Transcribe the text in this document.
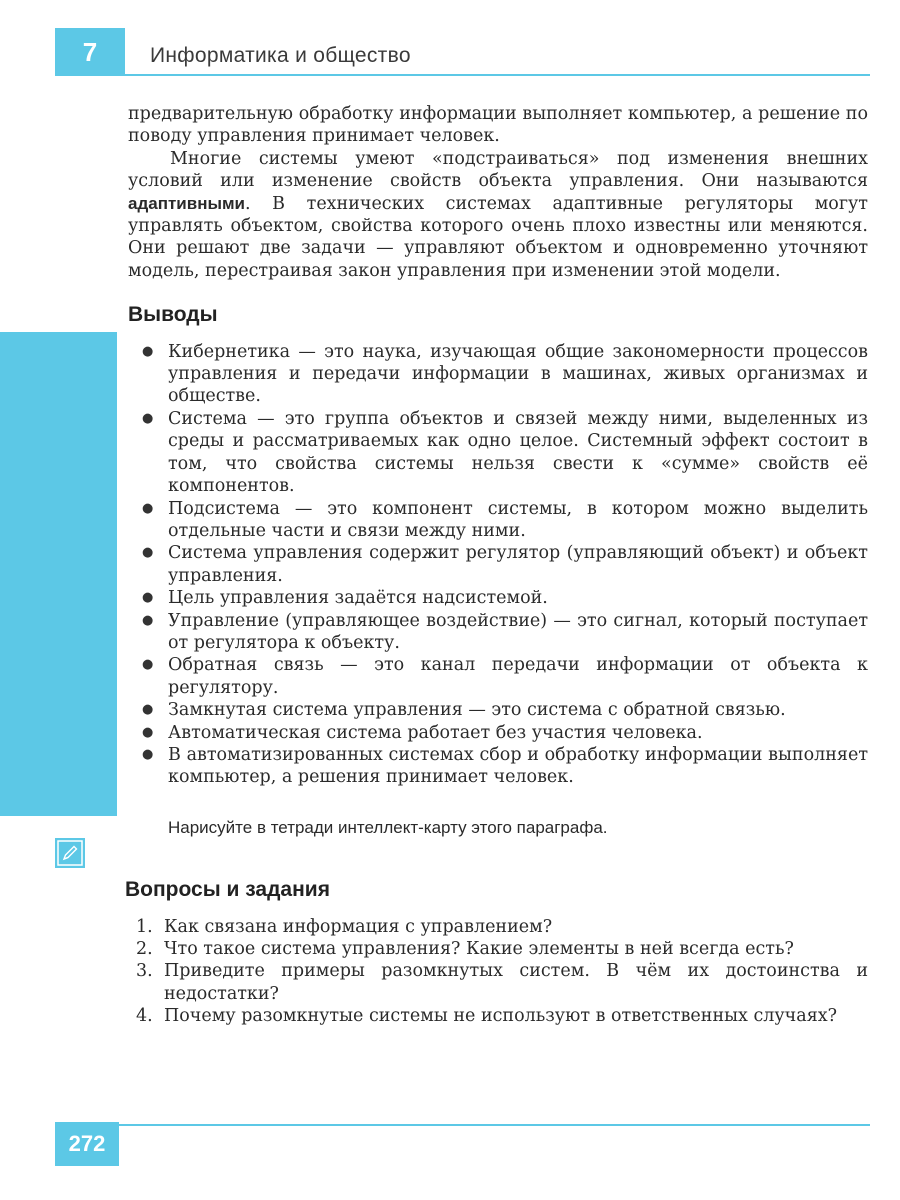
7	Информатика и общество

предварительную обработку информации выполняет компьютер, а решение по поводу управления принимает человек.

Многие системы умеют «подстраиваться» под изменения внешних условий или изменение свойств объекта управления. Они называются адаптивными. В технических системах адаптивные регуляторы могут управлять объектом, свойства которого очень плохо известны или меняются. Они решают две задачи — управляют объектом и одновременно уточняют модель, перестраивая закон управления при изменении этой модели.

Выводы
● Кибернетика — это наука, изучающая общие закономерности процессов управления и передачи информации в машинах, живых организмах и обществе.
● Система — это группа объектов и связей между ними, выделенных из среды и рассматриваемых как одно целое. Системный эффект состоит в том, что свойства системы нельзя свести к «сумме» свойств её компонентов.
● Подсистема — это компонент системы, в котором можно выделить отдельные части и связи между ними.
● Система управления содержит регулятор (управляющий объект) и объект управления.
● Цель управления задаётся надсистемой.
● Управление (управляющее воздействие) — это сигнал, который поступает от регулятора к объекту.
● Обратная связь — это канал передачи информации от объекта к регулятору.
● Замкнутая система управления — это система с обратной связью.
● Автоматическая система работает без участия человека.
● В автоматизированных системах сбор и обработку информации выполняет компьютер, а решения принимает человек.
Нарисуйте в тетради интеллект-карту этого параграфа.
Вопросы и задания
1. Как связана информация с управлением?
2. Что такое система управления? Какие элементы в ней всегда есть?
3. Приведите примеры разомкнутых систем. В чём их достоинства и недостатки?
4. Почему разомкнутые системы не используют в ответственных случаях?
272
